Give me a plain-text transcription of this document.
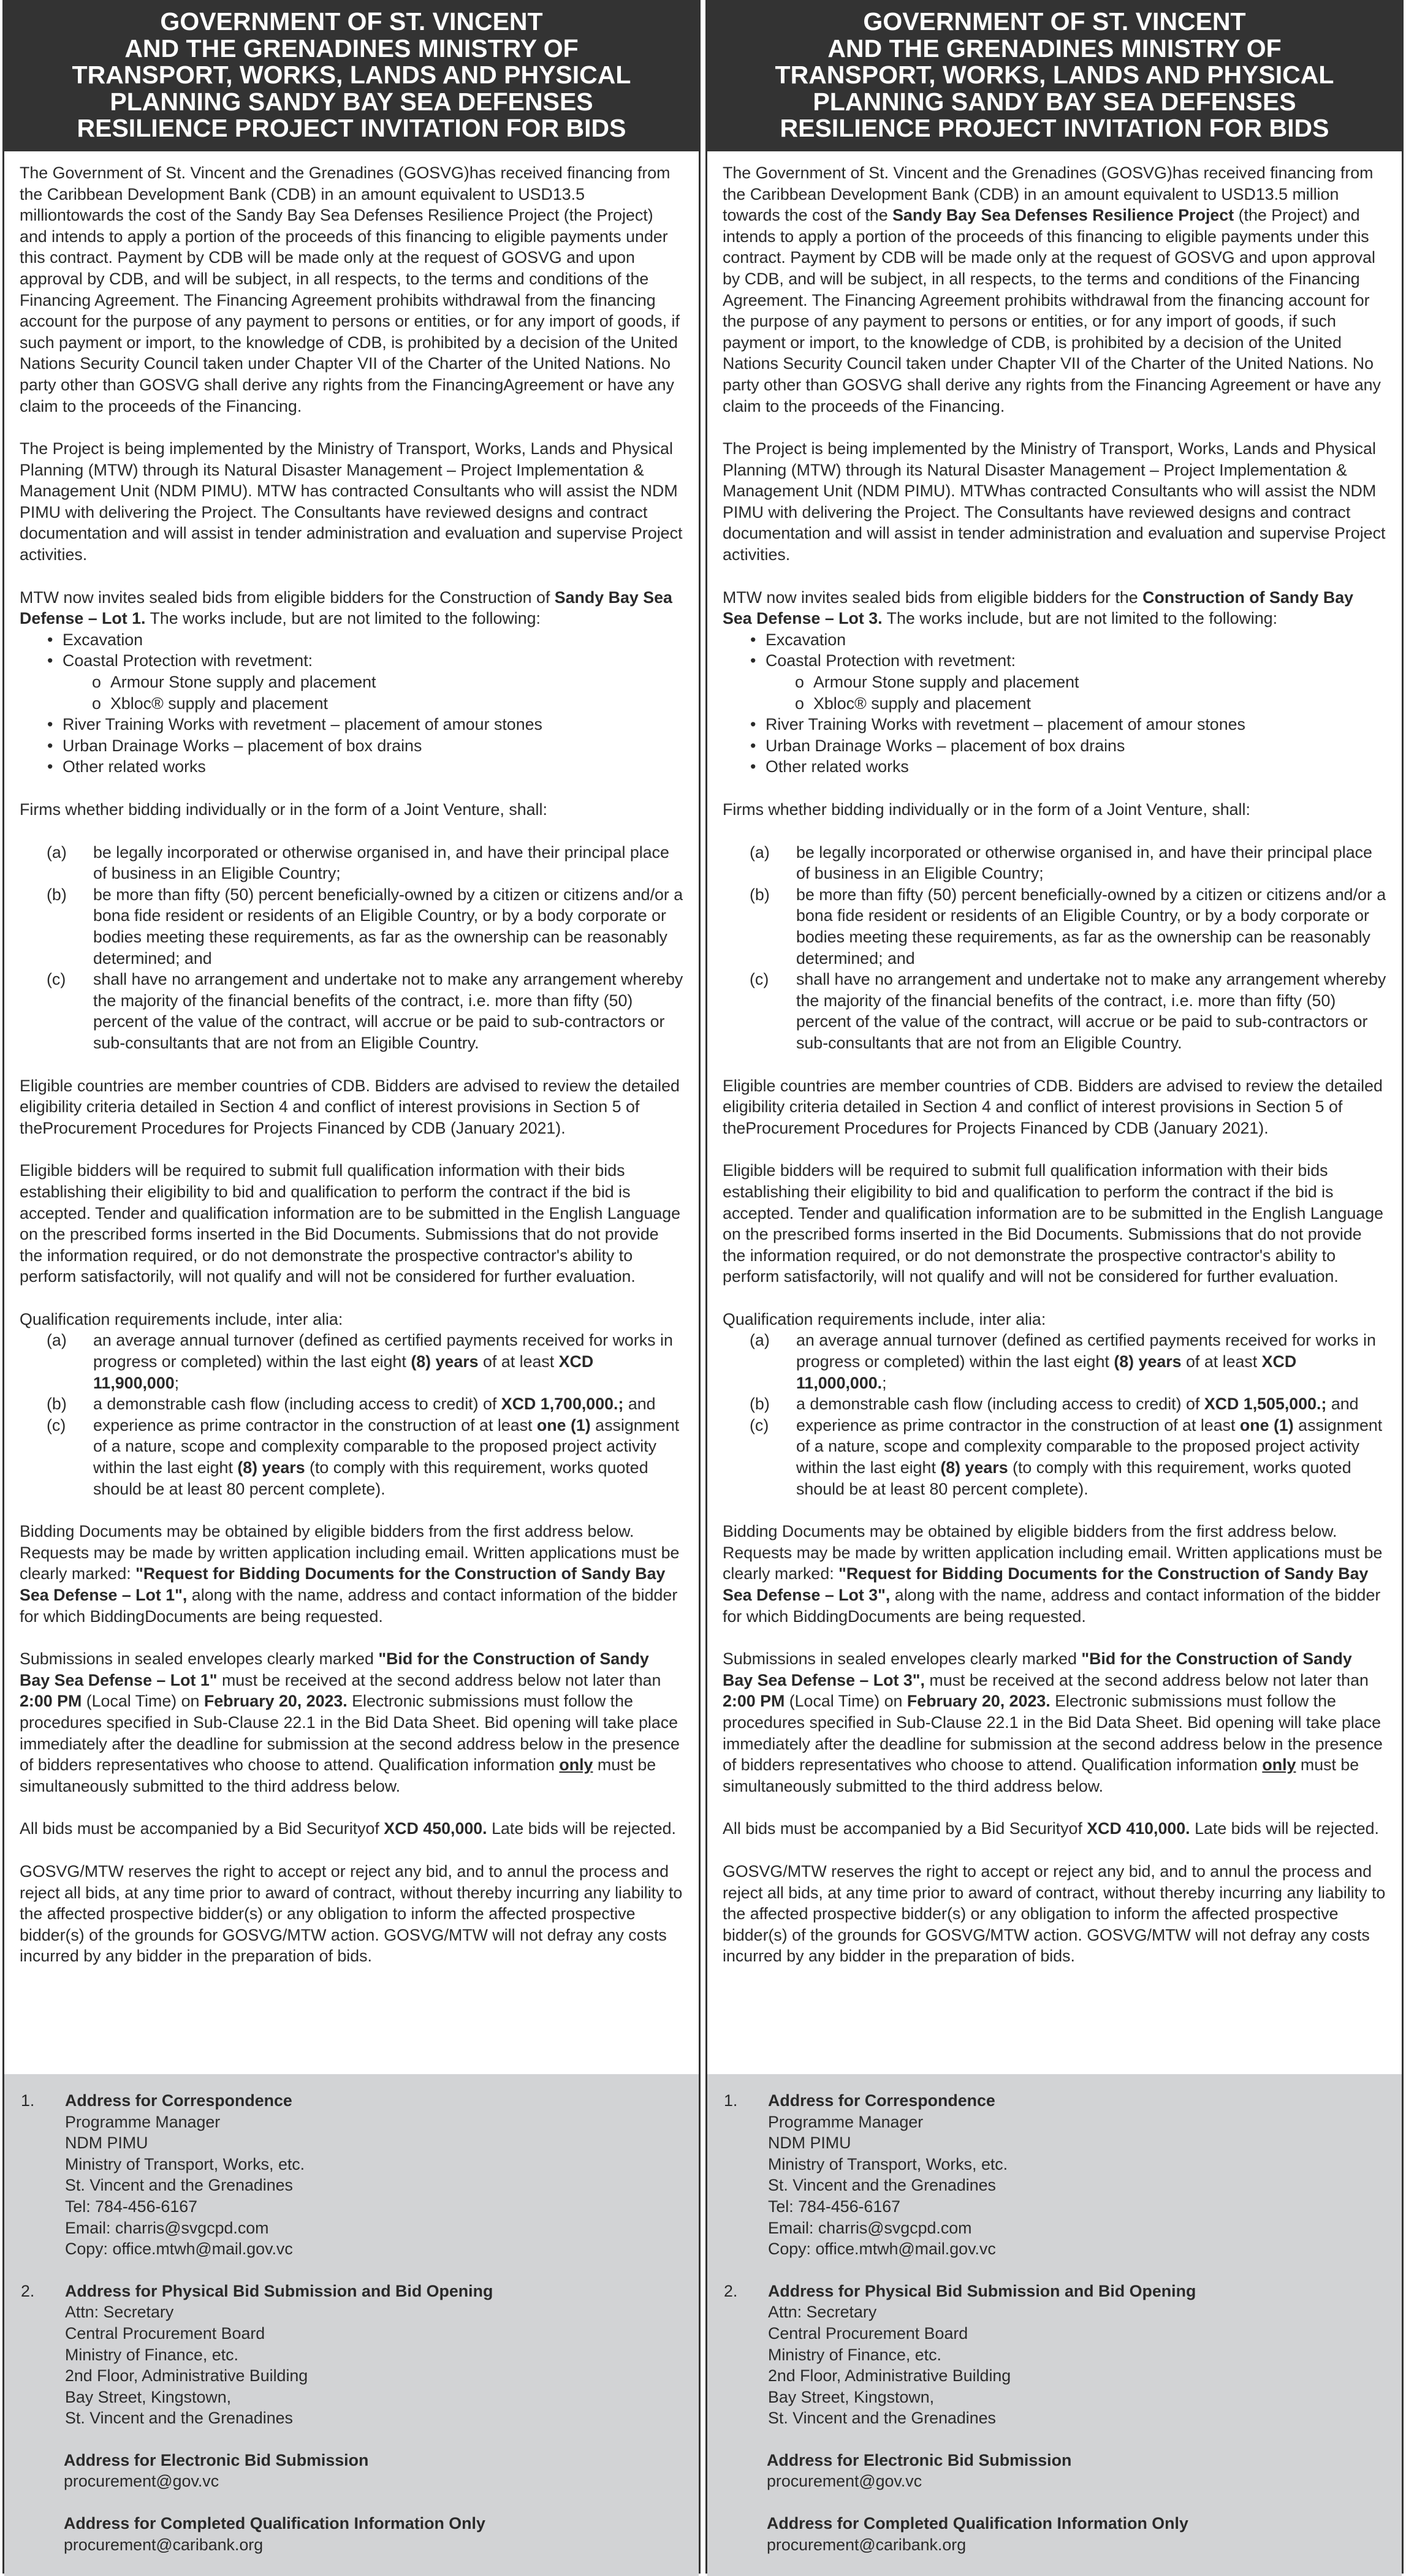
GOVERNMENT OF ST. VINCENT
AND THE GRENADINES MINISTRY OF
TRANSPORT, WORKS, LANDS AND PHYSICAL
PLANNING SANDY BAY SEA DEFENSES
RESILIENCE PROJECT INVITATION FOR BIDS

The Government of St. Vincent and the Grenadines (GOSVG)has received financing from the Caribbean Development Bank (CDB) in an amount equivalent to USD13.5 milliontowards the cost of the Sandy Bay Sea Defenses Resilience Project (the Project) and intends to apply a portion of the proceeds of this financing to eligible payments under this contract. Payment by CDB will be made only at the request of GOSVG and upon approval by CDB, and will be subject, in all respects, to the terms and conditions of the Financing Agreement. The Financing Agreement prohibits withdrawal from the financing account for the purpose of any payment to persons or entities, or for any import of goods, if such payment or import, to the knowledge of CDB, is prohibited by a decision of the United Nations Security Council taken under Chapter VII of the Charter of the United Nations. No party other than GOSVG shall derive any rights from the FinancingAgreement or have any claim to the proceeds of the Financing.

The Project is being implemented by the Ministry of Transport, Works, Lands and Physical Planning (MTW) through its Natural Disaster Management – Project Implementation & Management Unit (NDM PIMU). MTW has contracted Consultants who will assist the NDM PIMU with delivering the Project. The Consultants have reviewed designs and contract documentation and will assist in tender administration and evaluation and supervise Project activities.

MTW now invites sealed bids from eligible bidders for the Construction of Sandy Bay Sea Defense – Lot 1. The works include, but are not limited to the following:

• Excavation
• Coastal Protection with revetment:
o Armour Stone supply and placement
o Xbloc® supply and placement
• River Training Works with revetment – placement of amour stones
• Urban Drainage Works – placement of box drains
• Other related works

Firms whether bidding individually or in the form of a Joint Venture, shall:

(a)	be legally incorporated or otherwise organised in, and have their principal place of business in an Eligible Country;
(b)	be more than fifty (50) percent beneficially-owned by a citizen or citizens and/or a bona fide resident or residents of an Eligible Country, or by a body corporate or bodies meeting these requirements, as far as the ownership can be reasonably determined; and
(c)	shall have no arrangement and undertake not to make any arrangement whereby the majority of the financial benefits of the contract, i.e. more than fifty (50) percent of the value of the contract, will accrue or be paid to sub-contractors or sub-consultants that are not from an Eligible Country.

Eligible countries are member countries of CDB. Bidders are advised to review the detailed eligibility criteria detailed in Section 4 and conflict of interest provisions in Section 5 of theProcurement Procedures for Projects Financed by CDB (January 2021).

Eligible bidders will be required to submit full qualification information with their bids establishing their eligibility to bid and qualification to perform the contract if the bid is accepted. Tender and qualification information are to be submitted in the English Language on the prescribed forms inserted in the Bid Documents. Submissions that do not provide the information required, or do not demonstrate the prospective contractor's ability to perform satisfactorily, will not qualify and will not be considered for further evaluation.

Qualification requirements include, inter alia:

(a)	an average annual turnover (defined as certified payments received for works in progress or completed) within the last eight (8) years of at least XCD 11,900,000;
(b)	a demonstrable cash flow (including access to credit) of XCD 1,700,000.; and
(c)	experience as prime contractor in the construction of at least one (1) assignment of a nature, scope and complexity comparable to the proposed project activity within the last eight (8) years (to comply with this requirement, works quoted should be at least 80 percent complete).

Bidding Documents may be obtained by eligible bidders from the first address below. Requests may be made by written application including email. Written applications must be clearly marked: "Request for Bidding Documents for the Construction of Sandy Bay Sea Defense – Lot 1", along with the name, address and contact information of the bidder for which BiddingDocuments are being requested.

Submissions in sealed envelopes clearly marked "Bid for the Construction of Sandy Bay Sea Defense – Lot 1" must be received at the second address below not later than 2:00 PM (Local Time) on February 20, 2023. Electronic submissions must follow the procedures specified in Sub-Clause 22.1 in the Bid Data Sheet. Bid opening will take place immediately after the deadline for submission at the second address below in the presence of bidders representatives who choose to attend. Qualification information only must be simultaneously submitted to the third address below.

All bids must be accompanied by a Bid Securityof XCD 450,000. Late bids will be rejected.

GOSVG/MTW reserves the right to accept or reject any bid, and to annul the process and reject all bids, at any time prior to award of contract, without thereby incurring any liability to the affected prospective bidder(s) or any obligation to inform the affected prospective bidder(s) of the grounds for GOSVG/MTW action. GOSVG/MTW will not defray any costs incurred by any bidder in the preparation of bids.

1.	Address for Correspondence
Programme Manager
NDM PIMU
Ministry of Transport, Works, etc.
St. Vincent and the Grenadines
Tel: 784-456-6167
Email: charris@svgcpd.com
Copy: office.mtwh@mail.gov.vc
2.	Address for Physical Bid Submission and Bid Opening
Attn: Secretary
Central Procurement Board
Ministry of Finance, etc.
2nd Floor, Administrative Building
Bay Street, Kingstown,
St. Vincent and the Grenadines
Address for Electronic Bid Submission
procurement@gov.vc
Address for Completed Qualification Information Only
procurement@caribank.org
GOVERNMENT OF ST. VINCENT
AND THE GRENADINES MINISTRY OF
TRANSPORT, WORKS, LANDS AND PHYSICAL
PLANNING SANDY BAY SEA DEFENSES
RESILIENCE PROJECT INVITATION FOR BIDS

The Government of St. Vincent and the Grenadines (GOSVG)has received financing from the Caribbean Development Bank (CDB) in an amount equivalent to USD13.5 million towards the cost of the Sandy Bay Sea Defenses Resilience Project (the Project) and intends to apply a portion of the proceeds of this financing to eligible payments under this contract. Payment by CDB will be made only at the request of GOSVG and upon approval by CDB, and will be subject, in all respects, to the terms and conditions of the Financing Agreement. The Financing Agreement prohibits withdrawal from the financing account for the purpose of any payment to persons or entities, or for any import of goods, if such payment or import, to the knowledge of CDB, is prohibited by a decision of the United Nations Security Council taken under Chapter VII of the Charter of the United Nations. No party other than GOSVG shall derive any rights from the Financing Agreement or have any claim to the proceeds of the Financing.

The Project is being implemented by the Ministry of Transport, Works, Lands and Physical Planning (MTW) through its Natural Disaster Management – Project Implementation & Management Unit (NDM PIMU). MTWhas contracted Consultants who will assist the NDM PIMU with delivering the Project. The Consultants have reviewed designs and contract documentation and will assist in tender administration and evaluation and supervise Project activities.

MTW now invites sealed bids from eligible bidders for the Construction of Sandy Bay Sea Defense – Lot 3. The works include, but are not limited to the following:

• Excavation
• Coastal Protection with revetment:
o Armour Stone supply and placement
o Xbloc® supply and placement
• River Training Works with revetment – placement of amour stones
• Urban Drainage Works – placement of box drains
• Other related works

Firms whether bidding individually or in the form of a Joint Venture, shall:

(a)	be legally incorporated or otherwise organised in, and have their principal place of business in an Eligible Country;
(b)	be more than fifty (50) percent beneficially-owned by a citizen or citizens and/or a bona fide resident or residents of an Eligible Country, or by a body corporate or bodies meeting these requirements, as far as the ownership can be reasonably determined; and
(c)	shall have no arrangement and undertake not to make any arrangement whereby the majority of the financial benefits of the contract, i.e. more than fifty (50) percent of the value of the contract, will accrue or be paid to sub-contractors or sub-consultants that are not from an Eligible Country.

Eligible countries are member countries of CDB. Bidders are advised to review the detailed eligibility criteria detailed in Section 4 and conflict of interest provisions in Section 5 of theProcurement Procedures for Projects Financed by CDB (January 2021).

Eligible bidders will be required to submit full qualification information with their bids establishing their eligibility to bid and qualification to perform the contract if the bid is accepted. Tender and qualification information are to be submitted in the English Language on the prescribed forms inserted in the Bid Documents. Submissions that do not provide the information required, or do not demonstrate the prospective contractor's ability to perform satisfactorily, will not qualify and will not be considered for further evaluation.

Qualification requirements include, inter alia:

(a)	an average annual turnover (defined as certified payments received for works in progress or completed) within the last eight (8) years of at least XCD 11,000,000.;
(b)	a demonstrable cash flow (including access to credit) of XCD 1,505,000.; and
(c)	experience as prime contractor in the construction of at least one (1) assignment of a nature, scope and complexity comparable to the proposed project activity within the last eight (8) years (to comply with this requirement, works quoted should be at least 80 percent complete).

Bidding Documents may be obtained by eligible bidders from the first address below. Requests may be made by written application including email. Written applications must be clearly marked: "Request for Bidding Documents for the Construction of Sandy Bay Sea Defense – Lot 3", along with the name, address and contact information of the bidder for which BiddingDocuments are being requested.

Submissions in sealed envelopes clearly marked "Bid for the Construction of Sandy Bay Sea Defense – Lot 3", must be received at the second address below not later than 2:00 PM (Local Time) on February 20, 2023. Electronic submissions must follow the procedures specified in Sub-Clause 22.1 in the Bid Data Sheet. Bid opening will take place immediately after the deadline for submission at the second address below in the presence of bidders representatives who choose to attend. Qualification information only must be simultaneously submitted to the third address below.

All bids must be accompanied by a Bid Securityof XCD 410,000. Late bids will be rejected.

GOSVG/MTW reserves the right to accept or reject any bid, and to annul the process and reject all bids, at any time prior to award of contract, without thereby incurring any liability to the affected prospective bidder(s) or any obligation to inform the affected prospective bidder(s) of the grounds for GOSVG/MTW action. GOSVG/MTW will not defray any costs incurred by any bidder in the preparation of bids.

1.	Address for Correspondence
Programme Manager
NDM PIMU
Ministry of Transport, Works, etc.
St. Vincent and the Grenadines
Tel: 784-456-6167
Email: charris@svgcpd.com
Copy: office.mtwh@mail.gov.vc
2.	Address for Physical Bid Submission and Bid Opening
Attn: Secretary
Central Procurement Board
Ministry of Finance, etc.
2nd Floor, Administrative Building
Bay Street, Kingstown,
St. Vincent and the Grenadines
Address for Electronic Bid Submission
procurement@gov.vc
Address for Completed Qualification Information Only
procurement@caribank.org
